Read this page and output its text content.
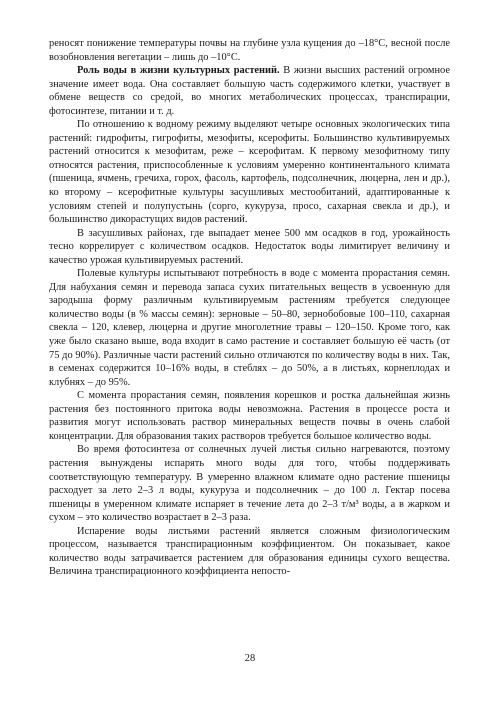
реносят понижение температуры почвы на глубине узла кущения до –18°С, весной после возобновления вегетации – лишь до –10°С.

Роль воды в жизни культурных растений. В жизни высших растений огромное значение имеет вода. Она составляет большую часть содержимого клетки, участвует в обмене веществ со средой, во многих метаболических процессах, транспирации, фотосинтезе, питании и т. д.

По отношению к водному режиму выделяют четыре основных экологических типа растений: гидрофиты, гигрофиты, мезофиты, ксерофиты. Большинство культивируемых растений относится к мезофитам, реже – ксерофитам. К первому мезофитному типу относятся растения, приспособленные к условиям умеренно континентального климата (пшеница, ячмень, гречиха, горох, фасоль, картофель, подсолнечник, люцерна, лен и др.), ко второму – ксерофитные культуры засушливых местообитаний, адаптированные к условиям степей и полупустынь (сорго, кукуруза, просо, сахарная свекла и др.), и большинство дикорастущих видов растений.

В засушливых районах, где выпадает менее 500 мм осадков в год, урожайность тесно коррелирует с количеством осадков. Недостаток воды лимитирует величину и качество урожая культивируемых растений.

Полевые культуры испытывают потребность в воде с момента прорастания семян. Для набухания семян и перевода запаса сухих питательных веществ в усвоенную для зародыша форму различным культивируемым растениям требуется следующее количество воды (в % массы семян): зерновые – 50–80, зернобобовые 100–110, сахарная свекла – 120, клевер, люцерна и другие многолетние травы – 120–150. Кроме того, как уже было сказано выше, вода входит в само растение и составляет большую её часть (от 75 до 90%). Различные части растений сильно отличаются по количеству воды в них. Так, в семенах содержится 10–16% воды, в стеблях – до 50%, а в листьях, корнеплодах и клубнях – до 95%.

С момента прорастания семян, появления корешков и ростка дальнейшая жизнь растения без постоянного притока воды невозможна. Растения в процессе роста и развития могут использовать раствор минеральных веществ почвы в очень слабой концентрации. Для образования таких растворов требуется большое количество воды.

Во время фотосинтеза от солнечных лучей листья сильно нагреваются, поэтому растения вынуждены испарять много воды для того, чтобы поддерживать соответствующую температуру. В умеренно влажном климате одно растение пшеницы расходует за лето 2–3 л воды, кукуруза и подсолнечник – до 100 л. Гектар посева пшеницы в умеренном климате испаряет в течение лета до 2–3 т/м³ воды, а в жарком и сухом – это количество возрастает в 2–3 раза.

Испарение воды листьями растений является сложным физиологическим процессом, называется транспирационным коэффициентом. Он показывает, какое количество воды затрачивается растением для образования единицы сухого вещества. Величина транспирационного коэффициента непосто-

28
